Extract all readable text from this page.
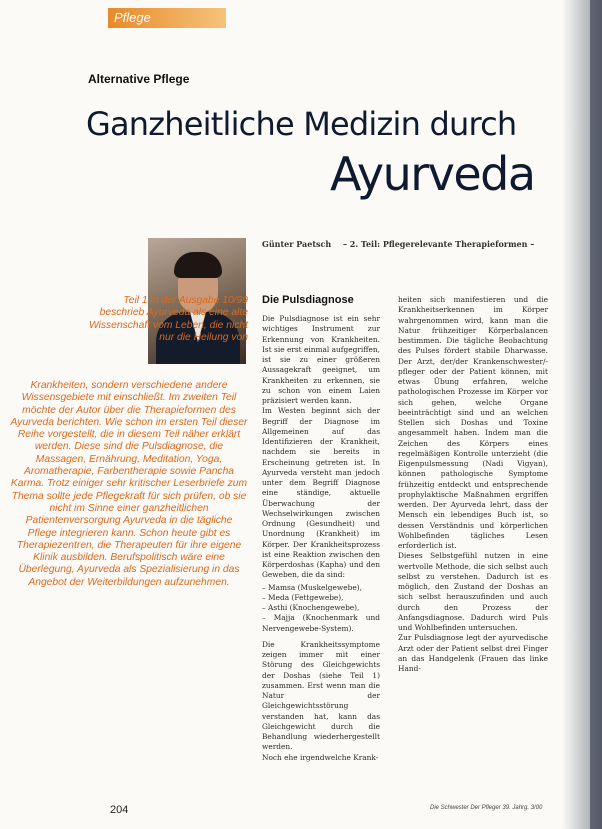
Pflege
Alternative Pflege
Ganzheitliche Medizin durch
Ayurveda
Günter Paetsch – 2. Teil: Pflegerelevante Therapieformen –
Teil 1 in der Ausgabe 10/99 beschrieb Ayurveda als eine alte Wissenschaft vom Leben, die nicht nur die Heilung von
Krankheiten, sondern verschiedene andere Wissensgebiete mit einschließt. Im zweiten Teil möchte der Autor über die Therapieformen des Ayurveda berichten. Wie schon im ersten Teil dieser Reihe vorgestellt, die in diesem Teil näher erklärt werden. Diese sind die Pulsdiagnose, die Massagen, Ernährung, Meditation, Yoga, Aromatherapie, Farbentherapie sowie Pancha Karma. Trotz einiger sehr kritischer Leserbriefe zum Thema sollte jede Pflegekraft für sich prüfen, ob sie nicht im Sinne einer ganzheitlichen Patientenversorgung Ayurveda in die tägliche Pflege integrieren kann. Schon heute gibt es Therapiezentren, die Therapeuten für ihre eigene Klinik ausbilden. Berufspolitisch wäre eine Überlegung, Ayurveda als Spezialisierung in das Angebot der Weiterbildungen aufzunehmen.
Die Pulsdiagnose

Die Pulsdiagnose ist ein sehr wichtiges Instrument zur Erkennung von Krankheiten. Ist sie erst einmal aufgegriffen, ist sie zu einer größeren Aussagekraft geeignet, um Krankheiten zu erkennen, sie zu schon von einem Laien präzisiert werden kann.

Im Westen beginnt sich der Begriff der Diagnose im Allgemeinen auf das Identifizieren der Krankheit, nachdem sie bereits in Erscheinung getreten ist. In Ayurveda versteht man jedoch unter dem Begriff Diagnose eine ständige, aktuelle Überwachung der Wechselwirkungen zwischen Ordnung (Gesundheit) und Unordnung (Krankheit) im Körper. Der Krankheitsprozess ist eine Reaktion zwischen den Körperdoshas (Kapha) und den Geweben, die da sind:

– Mamsa (Muskelgewebe),
– Meda (Fettgewebe),
– Asthi (Knochengewebe),
– Majja (Knochenmark und Nervengewebe-System).

Die Krankheitssymptome zeigen immer mit einer Störung des Gleichgewichts der Doshas (siehe Teil 1) zusammen. Erst wenn man die Natur der Gleichgewichtsstörung verstanden hat, kann das Gleichgewicht durch die Behandlung wiederhergestellt werden.

Noch ehe irgendwelche Krank-

heiten sich manifestieren und die Krankheitserkennen im Körper wahrgenommen wird, kann man die Natur frühzeitiger Körperbalancen bestimmen. Die tägliche Beobachtung des Pulses fördert stabile Dharwasse. Der Arzt, der/der Krankenschwester/-pfleger oder der Patient können, mit etwas Übung erfahren, welche pathologischen Prozesse im Körper vor sich gehen, welche Organe beeinträchtigt sind und an welchen Stellen sich Doshas und Toxine angesammelt haben. Indem man die Zeichen des Körpers eines regelmäßigen Kontrolle unterzieht (die Eigenpulsmessung (Nadi Vigyan), können pathologische Symptome frühzeitig entdeckt und entsprechende prophylaktische Maßnahmen ergriffen werden. Der Ayurveda lehrt, dass der Mensch ein lebendiges Buch ist, so dessen Verständnis und körperlichen Wohlbefinden tägliches Lesen erforderlich ist.

Dieses Selbstgefühl nutzen in eine wertvolle Methode, die sich selbst auch selbst zu verstehen. Dadurch ist es möglich, den Zustand der Doshas an sich selbst herauszufinden und auch durch den Prozess der Anfangsdiagnose. Dadurch wird Puls und Wohlbefinden untersuchen.

Zur Pulsdiagnose legt der ayurvedische Arzt oder der Patient selbst drei Finger an das Handgelenk (Frauen das linke Hand-

204	Die Schwester Der Pfleger 39. Jahrg. 3/00
